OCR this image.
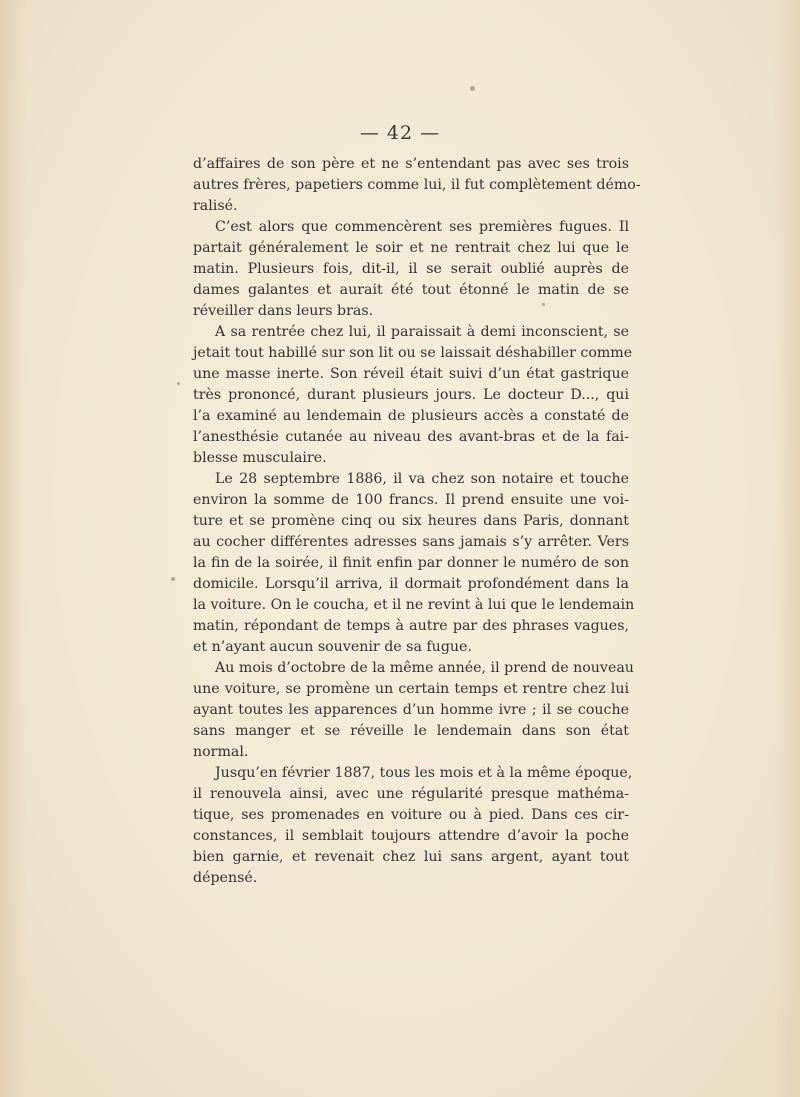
— 42 —
d’affaires de son père et ne s’entendant pas avec ses trois
autres frères, papetiers comme lui, il fut complètement démo-
ralisé.
C’est alors que commencèrent ses premières fugues. Il
partait généralement le soir et ne rentrait chez lui que le
matin. Plusieurs fois, dit-il, il se serait oublié auprès de
dames galantes et aurait été tout étonné le matin de se
réveiller dans leurs bras.
A sa rentrée chez lui, il paraissait à demi inconscient, se
jetait tout habillé sur son lit ou se laissait déshabiller comme
une masse inerte. Son réveil était suivi d’un état gastrique
très prononcé, durant plusieurs jours. Le docteur D..., qui
l’a examiné au lendemain de plusieurs accès a constaté de
l’anesthésie cutanée au niveau des avant-bras et de la fai-
blesse musculaire.
Le 28 septembre 1886, il va chez son notaire et touche
environ la somme de 100 francs. Il prend ensuite une voi-
ture et se promène cinq ou six heures dans Paris, donnant
au cocher différentes adresses sans jamais s’y arrêter. Vers
la fin de la soirée, il finit enfin par donner le numéro de son
domicile. Lorsqu’il arriva, il dormait profondément dans la
la voiture. On le coucha, et il ne revint à lui que le lendemain
matin, répondant de temps à autre par des phrases vagues,
et n’ayant aucun souvenir de sa fugue.
Au mois d’octobre de la même année, il prend de nouveau
une voiture, se promène un certain temps et rentre chez lui
ayant toutes les apparences d’un homme ivre ; il se couche
sans manger et se réveille le lendemain dans son état
normal.
Jusqu’en février 1887, tous les mois et à la même époque,
il renouvela ainsi, avec une régularité presque mathéma-
tique, ses promenades en voiture ou à pied. Dans ces cir-
constances, il semblait toujours attendre d’avoir la poche
bien garnie, et revenait chez lui sans argent, ayant tout
dépensé.
